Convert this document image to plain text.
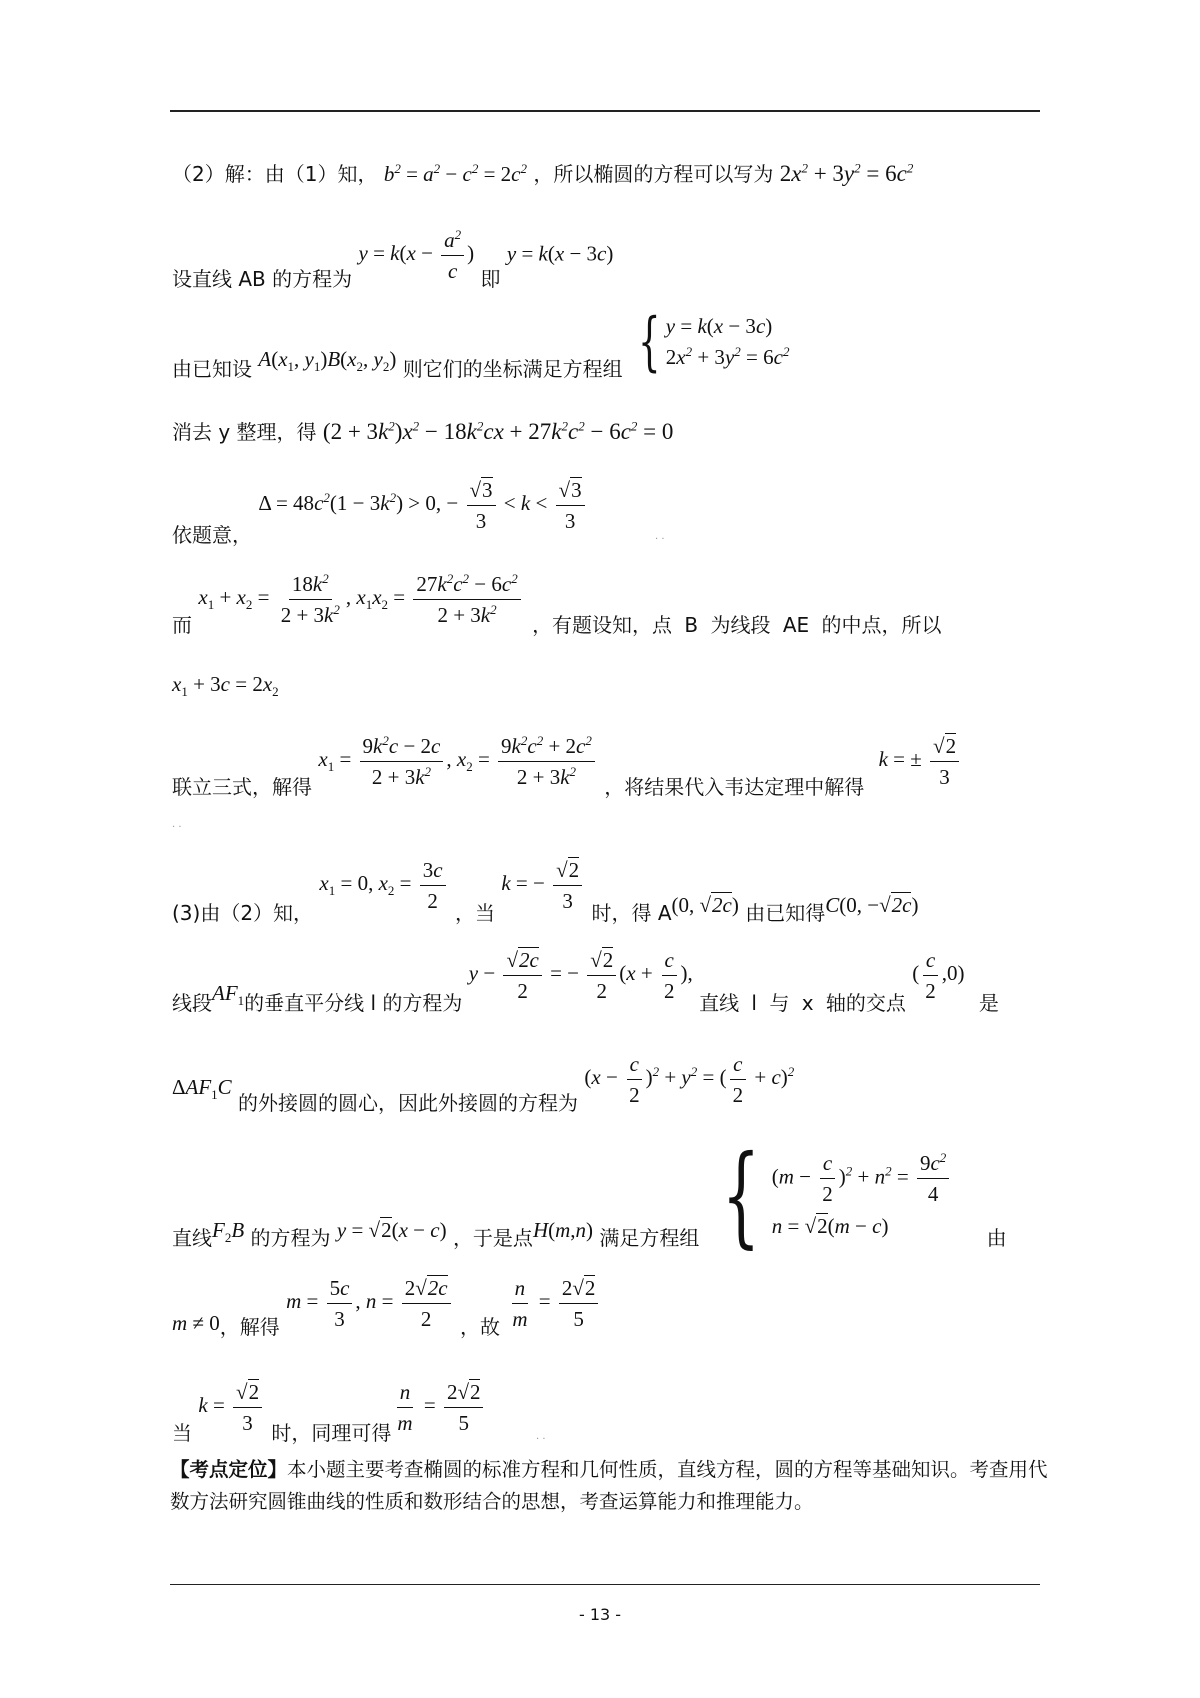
（2）解：由（1）知， $b^2 = a^2 - c^2 = 2c^2$ ，所以椭圆的方程可以写为 $2x^2 + 3y^2 = 6c^2$
设直线 AB 的方程为 $y = k(x - \frac{a^2}{c}$ ) 即 y = k(x − 3c)
由已知设 $A(x_1$, $y_1)B(x_2$, $y_2$) 则它们的坐标满足方程组 { y = k(x − 3c)
$2x^2 + 3y^2 = 6c^2$
消去 y 整理，得 $(2 + 3k^2)x^2 - 18k^2cx + 27k^2c^2 - 6c^2 = 0$
依题意， $\Delta = 48c^2(1 - 3k^2) > 0$, − $\frac{√3}{3} < k < \frac{√3}{3}$
· ·
而 $x_1 + x_2 = \frac{18k^2}{2 + 3k^2}$ , $x_1x_2 = \frac{27k^2c^2 - 6c^2}{2 + 3k^2}$ ，有题设知，点 B 为线段 AE 的中点，所以
$x_1 + 3c = 2x_2$
联立三式，解得 $x_1 = \frac{9k^2c - 2c}{2 + 3k^2}$ , $x_2 = \frac{9k^2c^2 + 2c^2}{2 + 3k^2}$ ，将结果代入韦达定理中解得 k = ± $\frac{√2}{3}$
· ·
(3)由（2）知， $x_1 = 0$, $x_2 = \frac{3c}{2}$
，当 k = − $\frac{√2}{3}$
时，得 A(0, √2c) 由已知得C(0, −√2c)
线段$AF_1$的垂直平分线 l 的方程为 $y - \frac{√2c}{2}$ = − $\frac{√2}{2} (x + \frac{c}{2}$ ), 直线 l 与 x 轴的交点 ( $\frac{c}{2} ,0$) 是
$\Delta AF_1C$ 的外接圆的圆心，因此外接圆的方程为 $(x - \frac{c}{2} )^2 + y^2$ = ( $\frac{c}{2} + c)^2$
直线$F_2B$ 的方程为 y = √2(x − c) ，于是点H(m,n) 满足方程组 { $(m - \frac{c}{2} )^2 + n^2 = \frac{9c^2}{4}$
n = √2(m − c)	由
m ≠ 0，解得 $m = \frac{5c}{3}$ , $n = \frac{2√2c}{2}$ ，故 $\frac{n}{m} = \frac{2√2}{5}$
当 $k = \frac{√2}{3}$ 时，同理可得 $\frac{n}{m} = \frac{2√2}{5}$
· ·
【考点定位】本小题主要考查椭圆的标准方程和几何性质，直线方程，圆的方程等基础知识。考查用代数方法研究圆锥曲线的性质和数形结合的思想，考查运算能力和推理能力。
- 13 -
